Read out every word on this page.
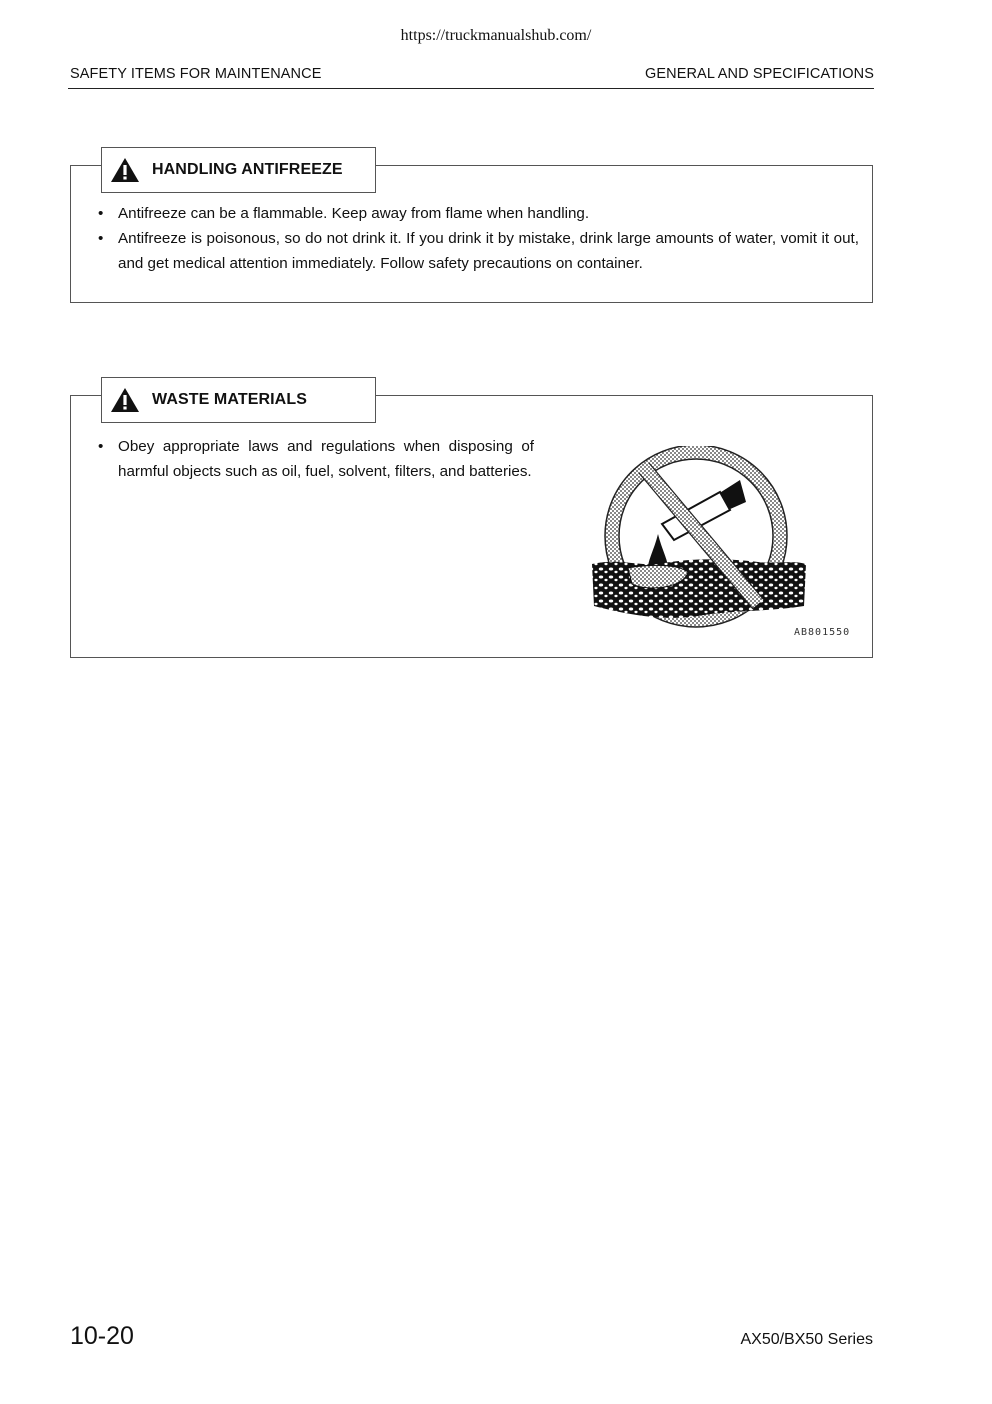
https://truckmanualshub.com/
SAFETY ITEMS FOR MAINTENANCE	GENERAL AND SPECIFICATIONS
HANDLING ANTIFREEZE
• Antifreeze can be a flammable. Keep away from flame when handling.
• Antifreeze is poisonous, so do not drink it. If you drink it by mistake, drink large amounts of water, vomit it out, and get medical attention immediately. Follow safety precautions on container.
WASTE MATERIALS
• Obey appropriate laws and regulations when disposing of harmful objects such as oil, fuel, solvent, filters, and batteries.
AB801550
10-20	AX50/BX50 Series
